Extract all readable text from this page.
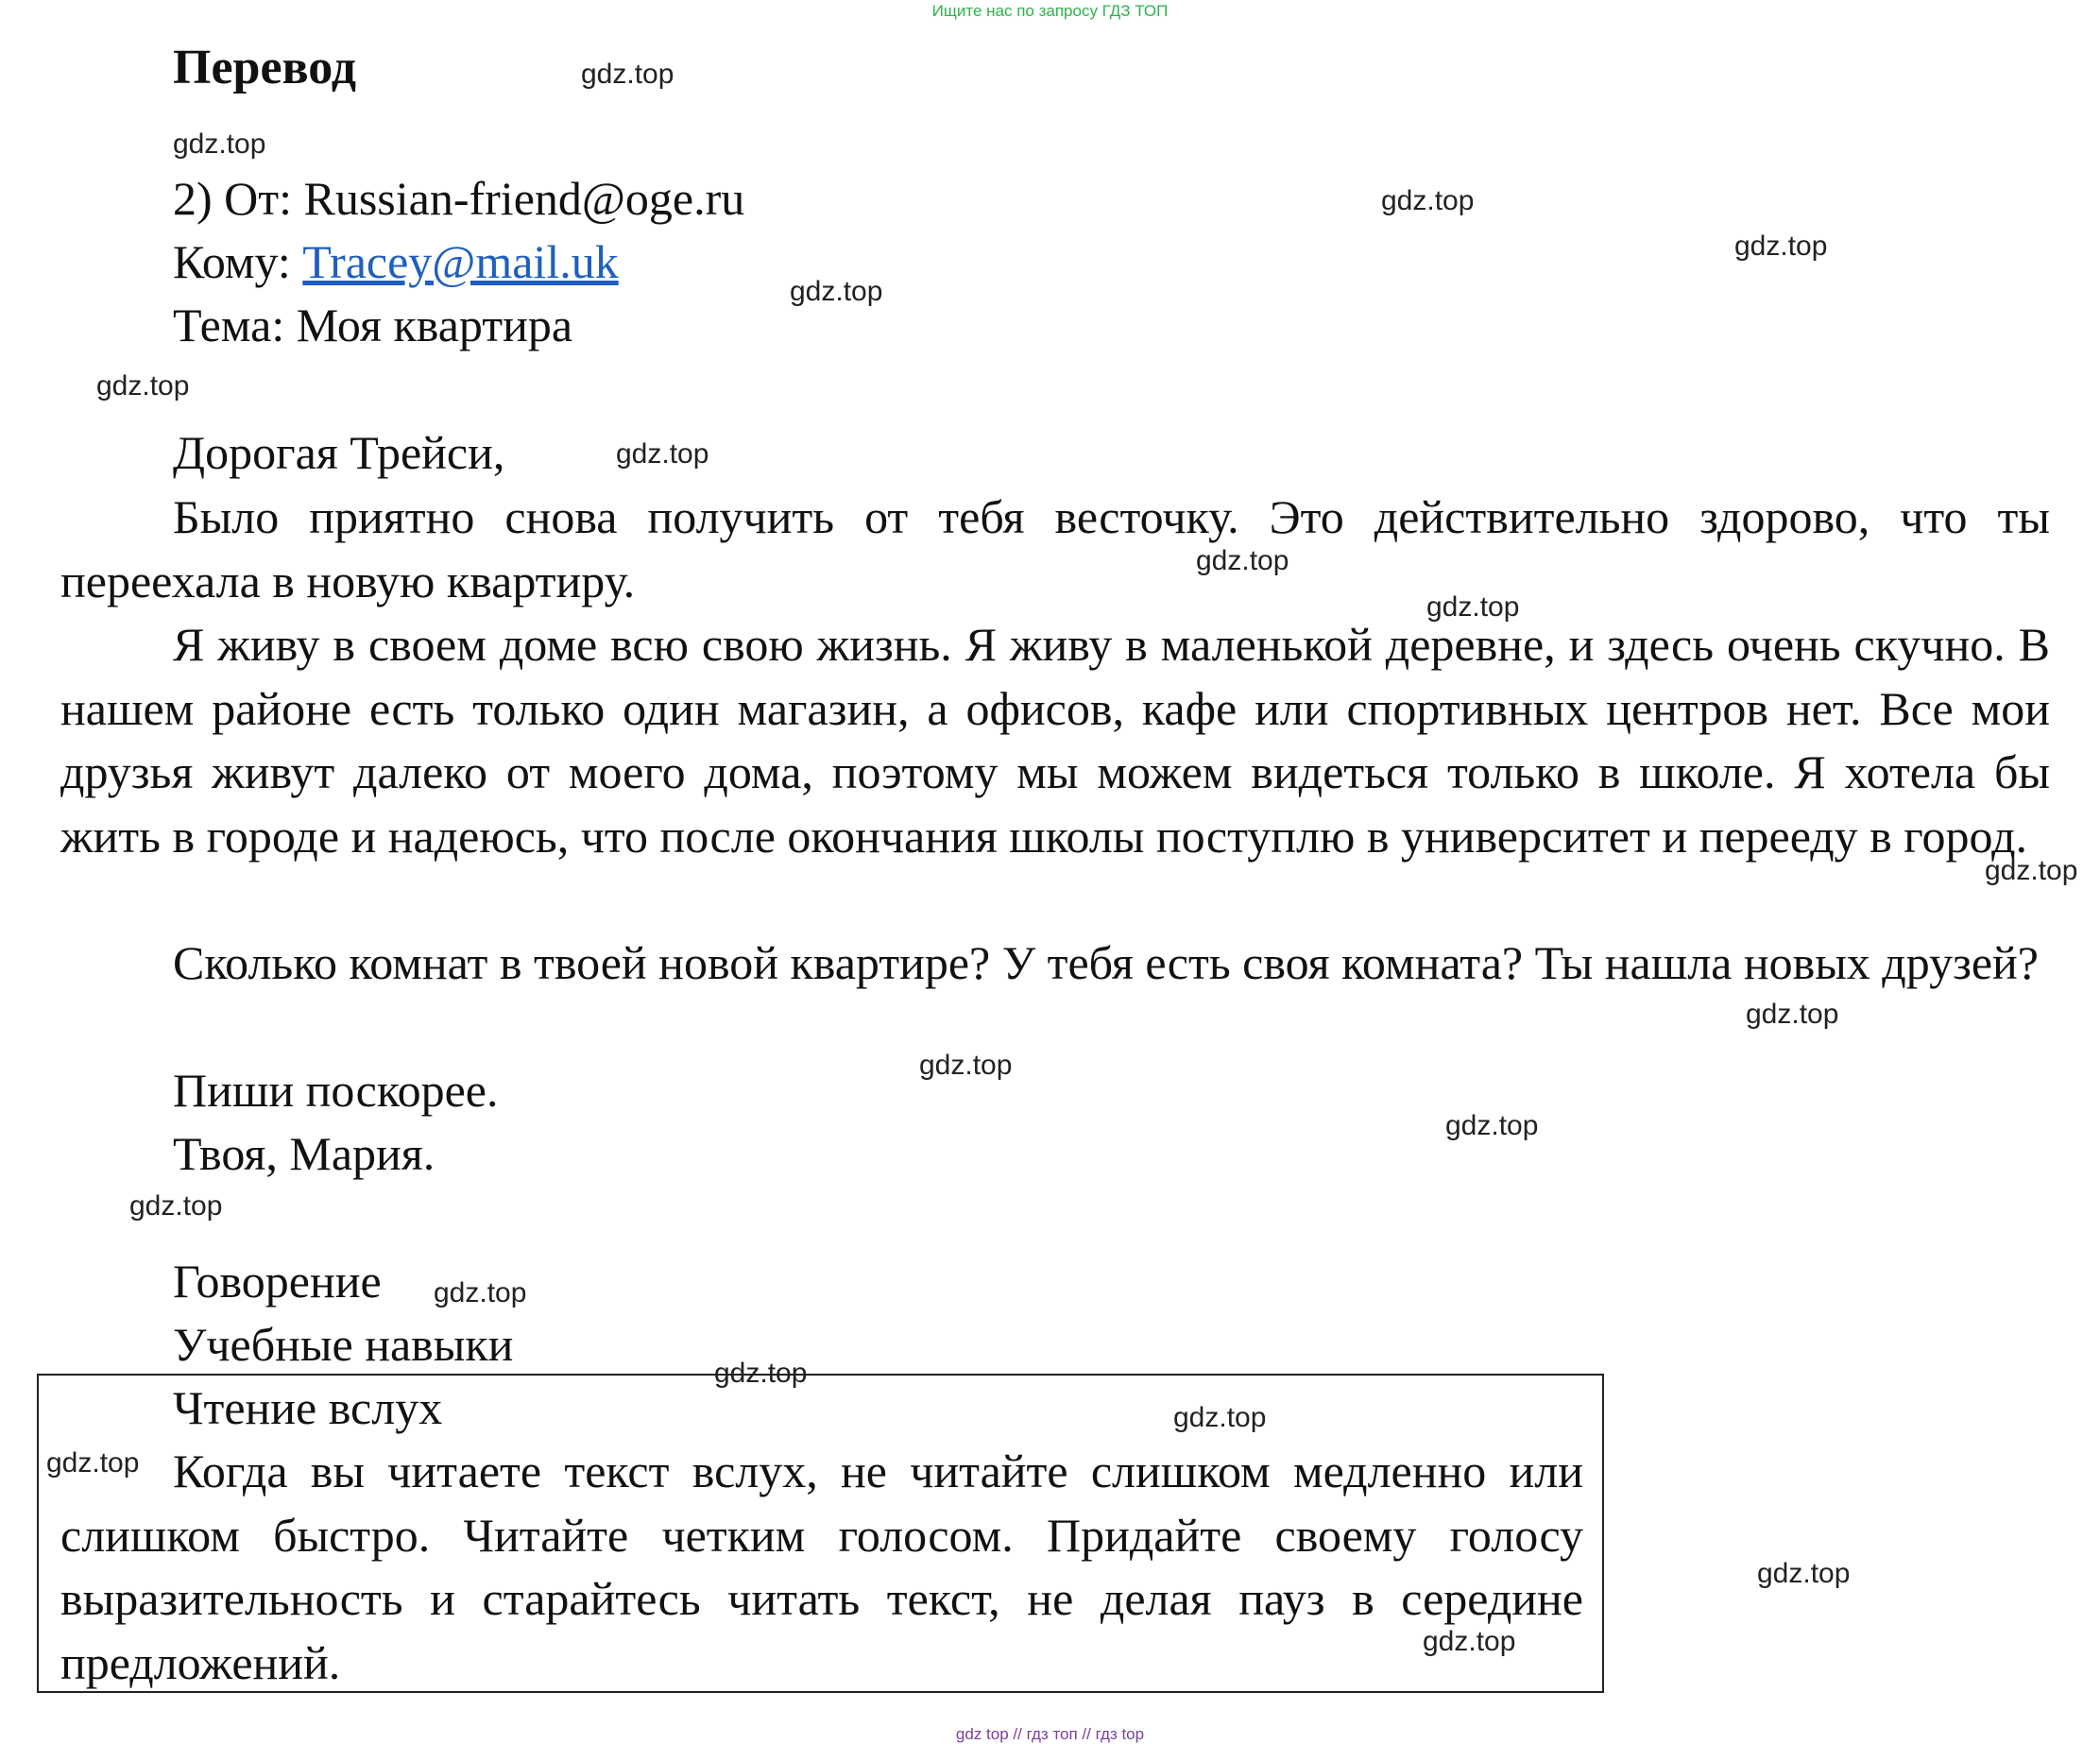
Ищите нас по запросу ГДЗ ТОП
Перевод
2) От: Russian-friend@oge.ru
Кому: Tracey@mail.uk
Тема: Моя квартира
Дорогая Трейси,
Было приятно снова получить от тебя весточку. Это действительно здорово, что ты переехала в новую квартиру.
Я живу в своем доме всю свою жизнь. Я живу в маленькой деревне, и здесь очень скучно. В нашем районе есть только один магазин, а офисов, кафе или спортивных центров нет. Все мои друзья живут далеко от моего дома, поэтому мы можем видеться только в школе. Я хотела бы жить в городе и надеюсь, что после окончания школы поступлю в университет и перееду в город.
Сколько комнат в твоей новой квартире? У тебя есть своя комната? Ты нашла новых друзей?
Пиши поскорее.
Твоя, Мария.
Говорение
Учебные навыки
Чтение вслух
Когда вы читаете текст вслух, не читайте слишком медленно или слишком быстро. Читайте четким голосом. Придайте своему голосу выразительность и старайтесь читать текст, не делая пауз в середине предложений.
gdz.top
gdz.top
gdz.top
gdz.top
gdz.top
gdz.top
gdz.top
gdz.top
gdz.top
gdz.top
gdz.top
gdz.top
gdz.top
gdz.top
gdz.top
gdz.top
gdz.top
gdz.top
gdz.top
gdz.top
gdz top // гдз топ // гдз top
